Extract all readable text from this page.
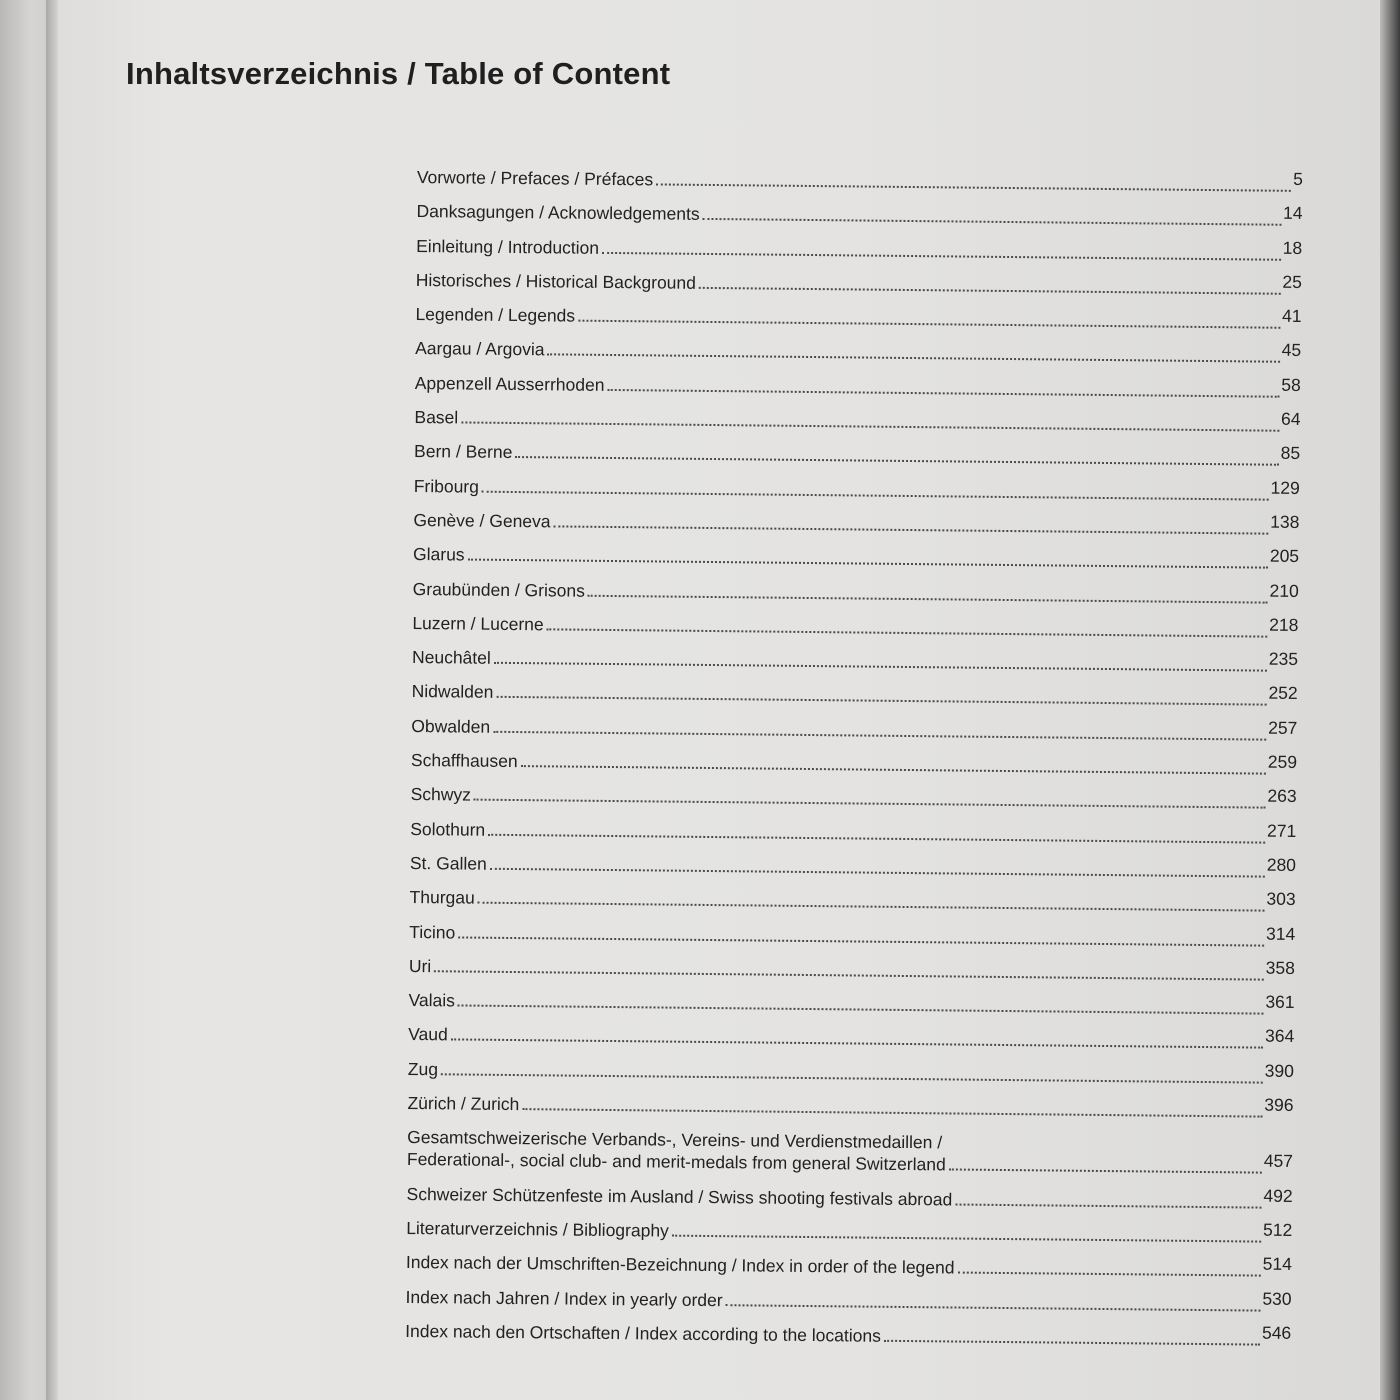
Inhaltsverzeichnis / Table of Content
Vorworte / Prefaces / Préfaces	5
Danksagungen / Acknowledgements	14
Einleitung / Introduction	18
Historisches / Historical Background	25
Legenden / Legends	41
Aargau / Argovia	45
Appenzell Ausserrhoden	58
Basel	64
Bern / Berne	85
Fribourg	129
Genève / Geneva	138
Glarus	205
Graubünden / Grisons	210
Luzern / Lucerne	218
Neuchâtel	235
Nidwalden	252
Obwalden	257
Schaffhausen	259
Schwyz	263
Solothurn	271
St. Gallen	280
Thurgau	303
Ticino	314
Uri	358
Valais	361
Vaud	364
Zug	390
Zürich / Zurich	396
Gesamtschweizerische Verbands-, Vereins- und Verdienstmedaillen /
Federational-, social club- and merit-medals from general Switzerland	457
Schweizer Schützenfeste im Ausland / Swiss shooting festivals abroad	492
Literaturverzeichnis / Bibliography	512
Index nach der Umschriften-Bezeichnung / Index in order of the legend	514
Index nach Jahren / Index in yearly order	530
Index nach den Ortschaften / Index according to the locations	546
